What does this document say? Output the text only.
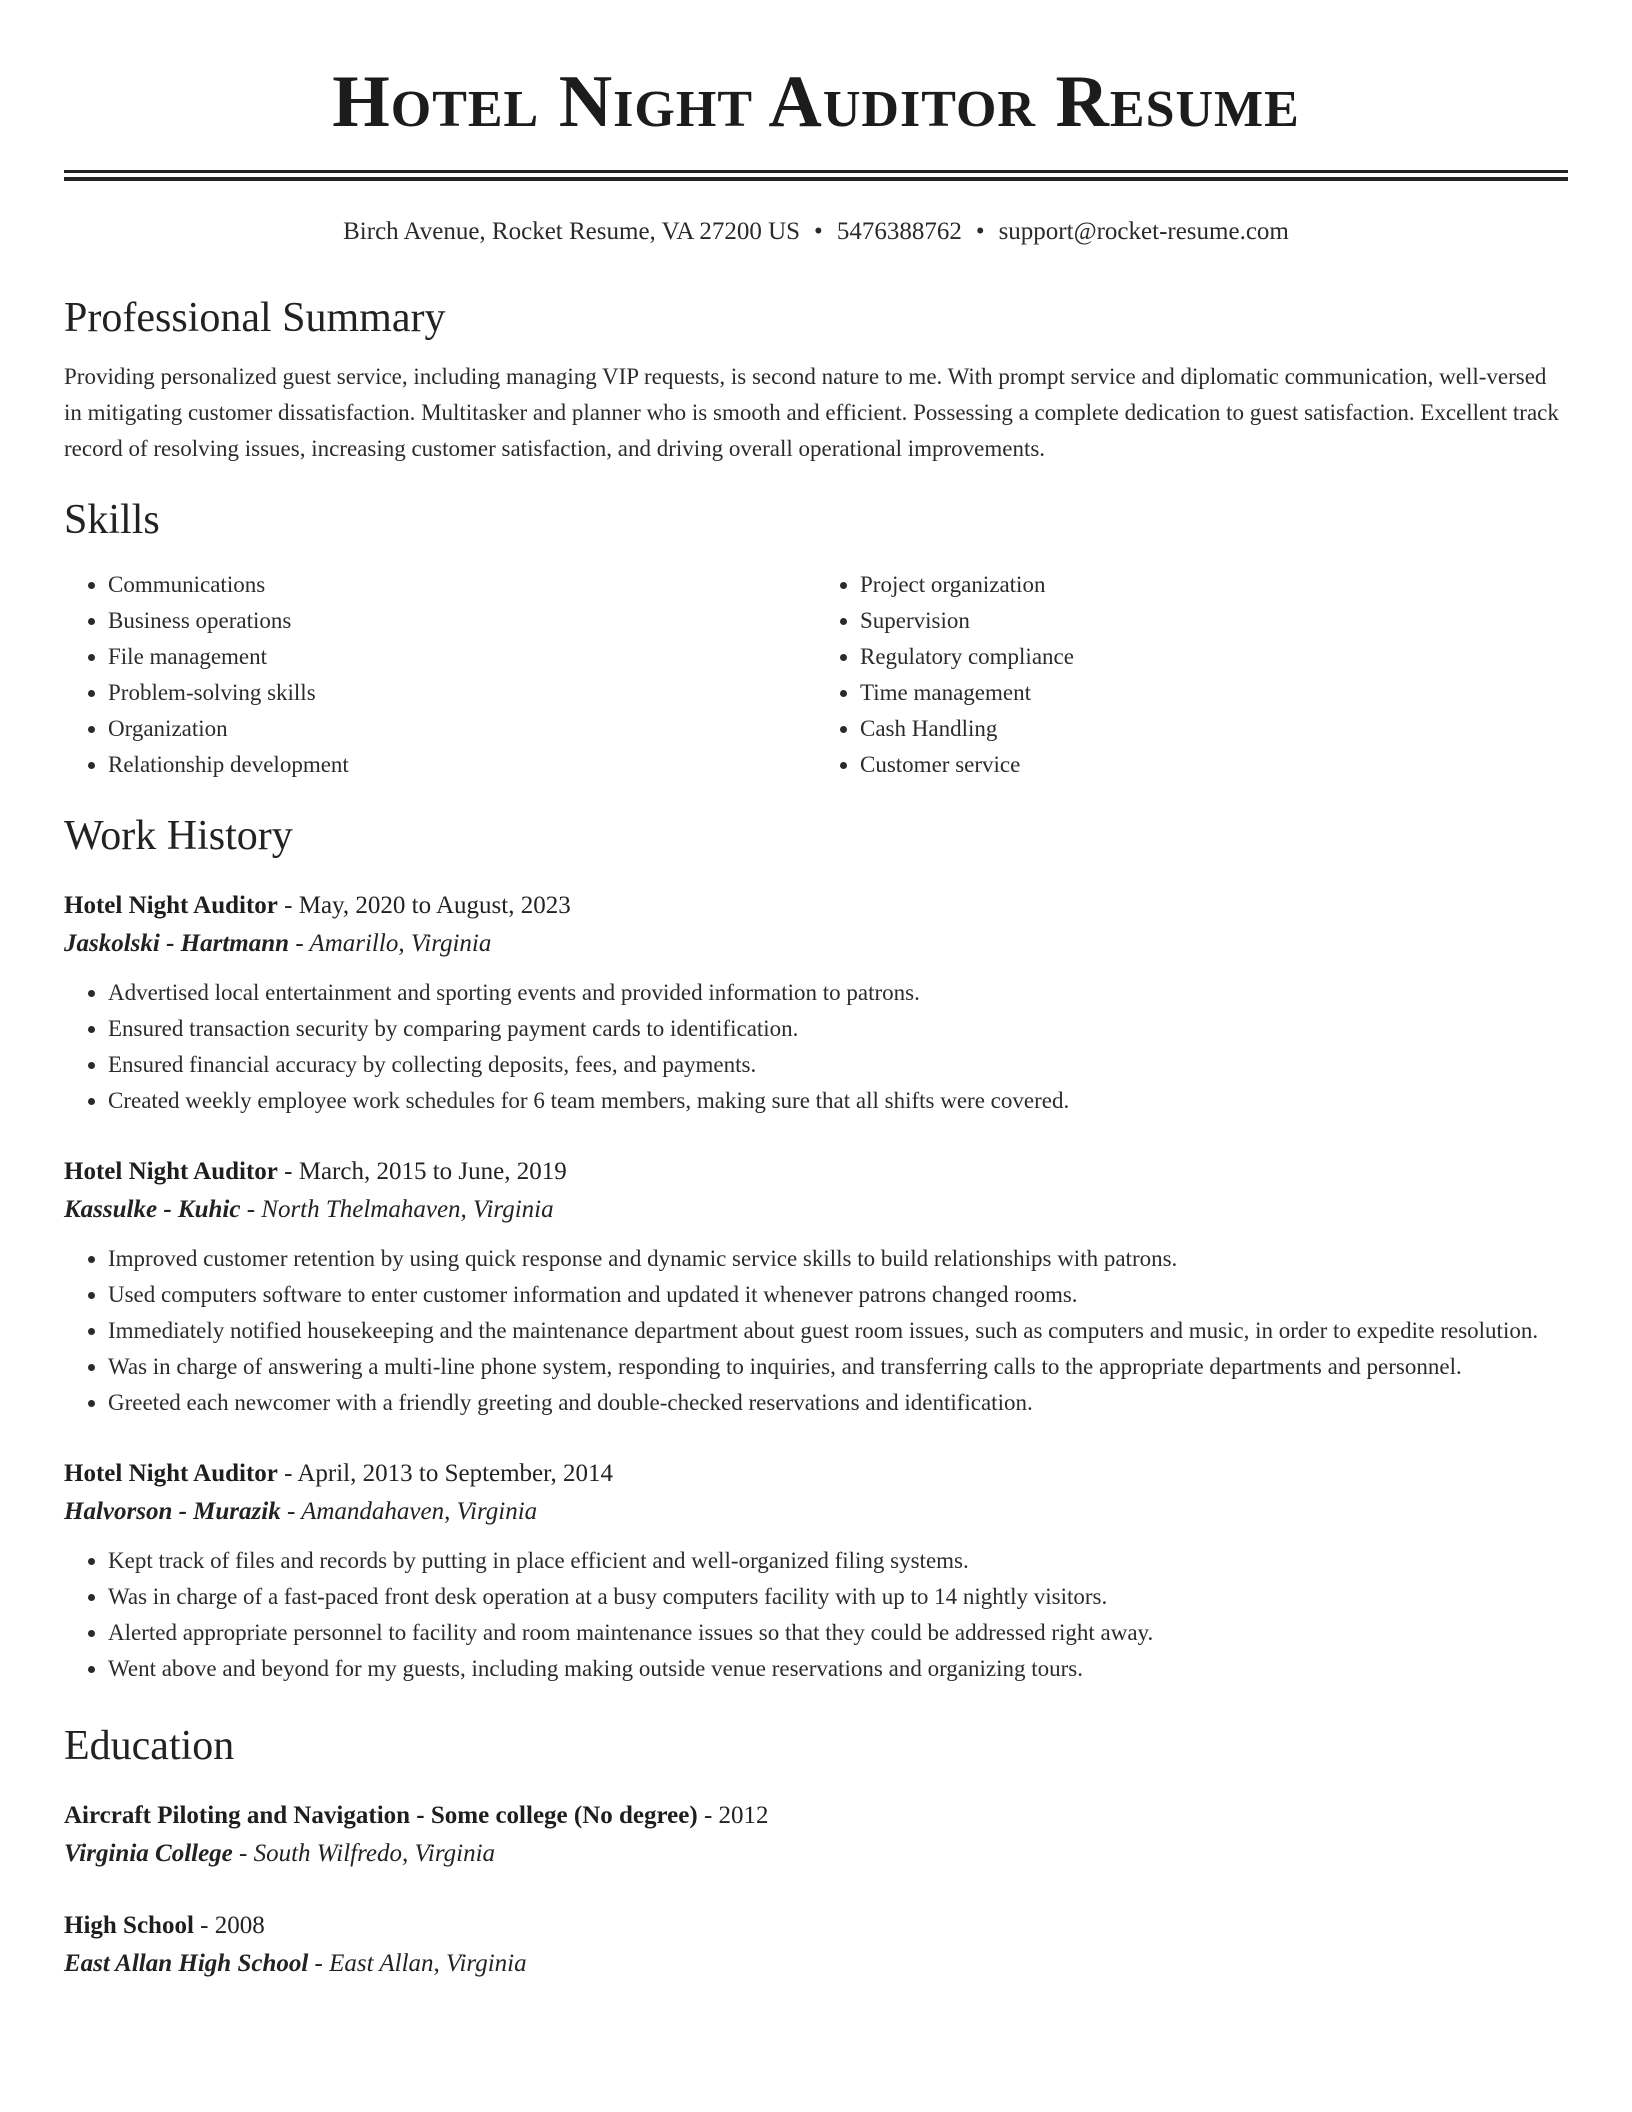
Hotel Night Auditor Resume
Birch Avenue, Rocket Resume, VA 27200 US • 5476388762 • support@rocket-resume.com
Professional Summary
Providing personalized guest service, including managing VIP requests, is second nature to me. With prompt service and diplomatic communication, well-versed in mitigating customer dissatisfaction. Multitasker and planner who is smooth and efficient. Possessing a complete dedication to guest satisfaction. Excellent track record of resolving issues, increasing customer satisfaction, and driving overall operational improvements.
Skills
• Communications
• Business operations
• File management
• Problem-solving skills
• Organization
• Relationship development
• Project organization
• Supervision
• Regulatory compliance
• Time management
• Cash Handling
• Customer service
Work History
Hotel Night Auditor - May, 2020 to August, 2023
Jaskolski - Hartmann - Amarillo, Virginia
• Advertised local entertainment and sporting events and provided information to patrons.
• Ensured transaction security by comparing payment cards to identification.
• Ensured financial accuracy by collecting deposits, fees, and payments.
• Created weekly employee work schedules for 6 team members, making sure that all shifts were covered.
Hotel Night Auditor - March, 2015 to June, 2019
Kassulke - Kuhic - North Thelmahaven, Virginia
• Improved customer retention by using quick response and dynamic service skills to build relationships with patrons.
• Used computers software to enter customer information and updated it whenever patrons changed rooms.
• Immediately notified housekeeping and the maintenance department about guest room issues, such as computers and music, in order to expedite resolution.
• Was in charge of answering a multi-line phone system, responding to inquiries, and transferring calls to the appropriate departments and personnel.
• Greeted each newcomer with a friendly greeting and double-checked reservations and identification.
Hotel Night Auditor - April, 2013 to September, 2014
Halvorson - Murazik - Amandahaven, Virginia
• Kept track of files and records by putting in place efficient and well-organized filing systems.
• Was in charge of a fast-paced front desk operation at a busy computers facility with up to 14 nightly visitors.
• Alerted appropriate personnel to facility and room maintenance issues so that they could be addressed right away.
• Went above and beyond for my guests, including making outside venue reservations and organizing tours.
Education
Aircraft Piloting and Navigation - Some college (No degree) - 2012
Virginia College - South Wilfredo, Virginia
High School - 2008
East Allan High School - East Allan, Virginia
